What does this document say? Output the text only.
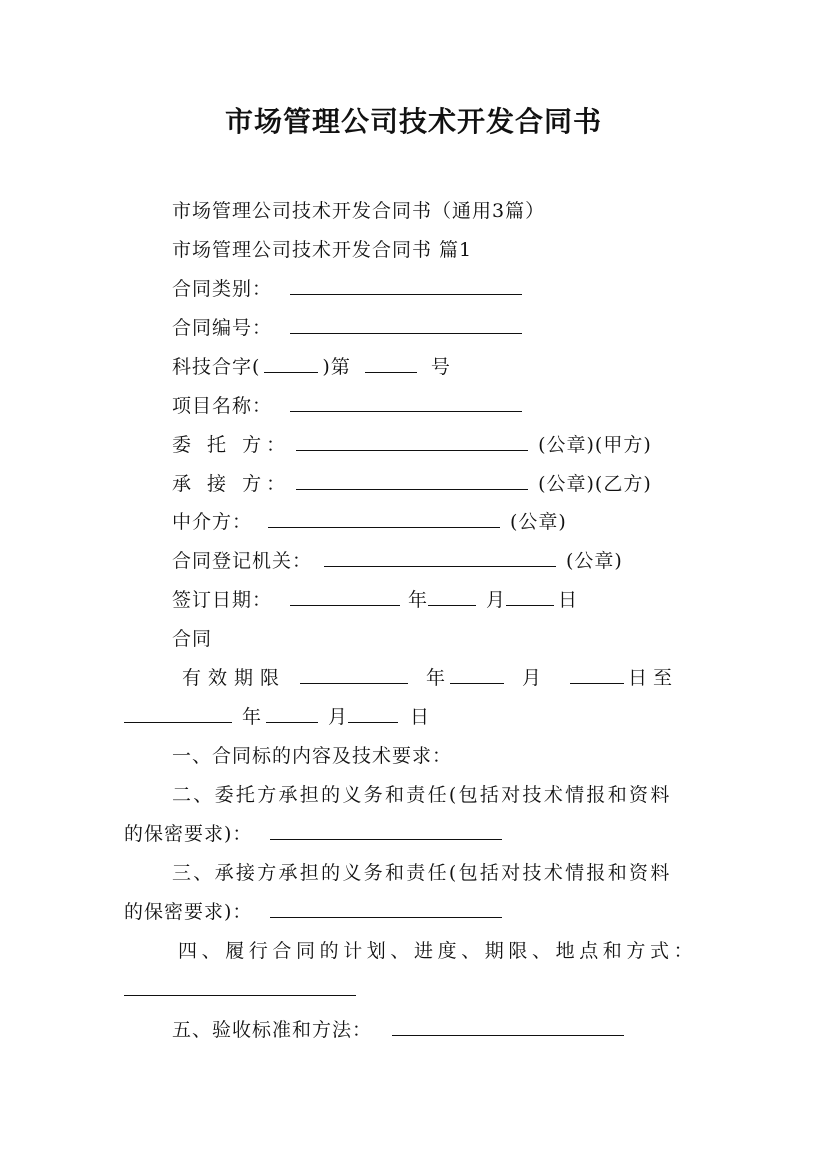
市场管理公司技术开发合同书
市场管理公司技术开发合同书（通用3篇）
市场管理公司技术开发合同书 篇1
合同类别：
合同编号：
科技合字(	)第	号
项目名称：
委 托 方：	(公章)(甲方)
承 接 方：	(公章)(乙方)
中介方：	(公章)
合同登记机关：	(公章)
签订日期：	年	月	日
合同
有效期限	年	月	日至
年	月	日
一、合同标的内容及技术要求：
二、委托方承担的义务和责任(包括对技术情报和资料
的保密要求)：
三、承接方承担的义务和责任(包括对技术情报和资料
的保密要求)：
四、履行合同的计划、进度、期限、地点和方式：
五、验收标准和方法：
